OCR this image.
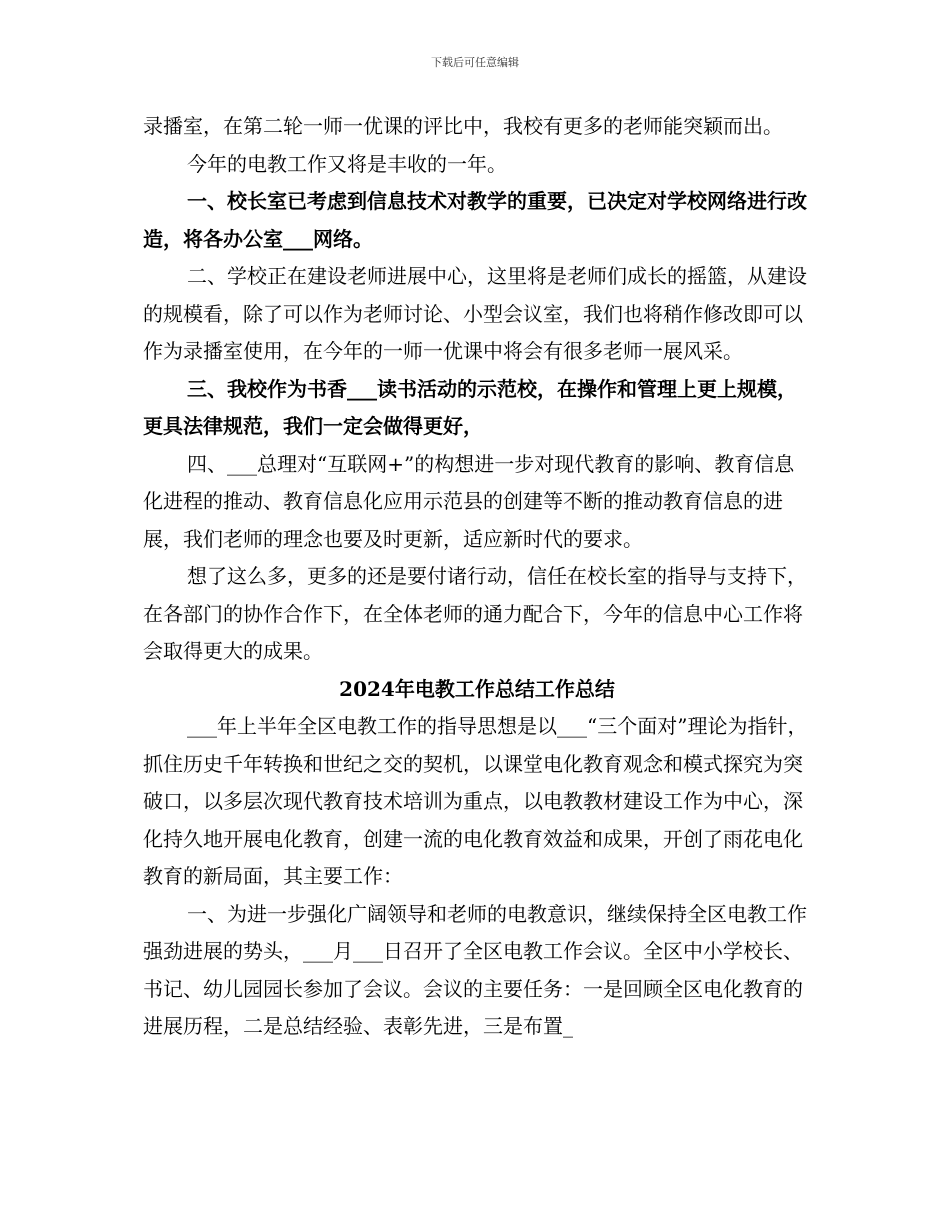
下载后可任意编辑

录播室，在第二轮一师一优课的评比中，我校有更多的老师能突颖而出。

今年的电教工作又将是丰收的一年。

一、校长室已考虑到信息技术对教学的重要，已决定对学校网络进行改造，将各办公室___网络。

二、学校正在建设老师进展中心，这里将是老师们成长的摇篮，从建设的规模看，除了可以作为老师讨论、小型会议室，我们也将稍作修改即可以作为录播室使用，在今年的一师一优课中将会有很多老师一展风采。

三、我校作为书香___读书活动的示范校，在操作和管理上更上规模，更具法律规范，我们一定会做得更好，

四、___总理对“互联网+”的构想进一步对现代教育的影响、教育信息化进程的推动、教育信息化应用示范县的创建等不断的推动教育信息的进展，我们老师的理念也要及时更新，适应新时代的要求。

想了这么多，更多的还是要付诸行动，信任在校长室的指导与支持下，在各部门的协作合作下，在全体老师的通力配合下，今年的信息中心工作将会取得更大的成果。

2024年电教工作总结工作总结

___年上半年全区电教工作的指导思想是以___“三个面对”理论为指针，抓住历史千年转换和世纪之交的契机，以课堂电化教育观念和模式探究为突破口，以多层次现代教育技术培训为重点，以电教教材建设工作为中心，深化持久地开展电化教育，创建一流的电化教育效益和成果，开创了雨花电化教育的新局面，其主要工作：

一、为进一步强化广阔领导和老师的电教意识，继续保持全区电教工作强劲进展的势头，___月___日召开了全区电教工作会议。全区中小学校长、书记、幼儿园园长参加了会议。会议的主要任务：一是回顾全区电化教育的进展历程，二是总结经验、表彰先进，三是布置_
